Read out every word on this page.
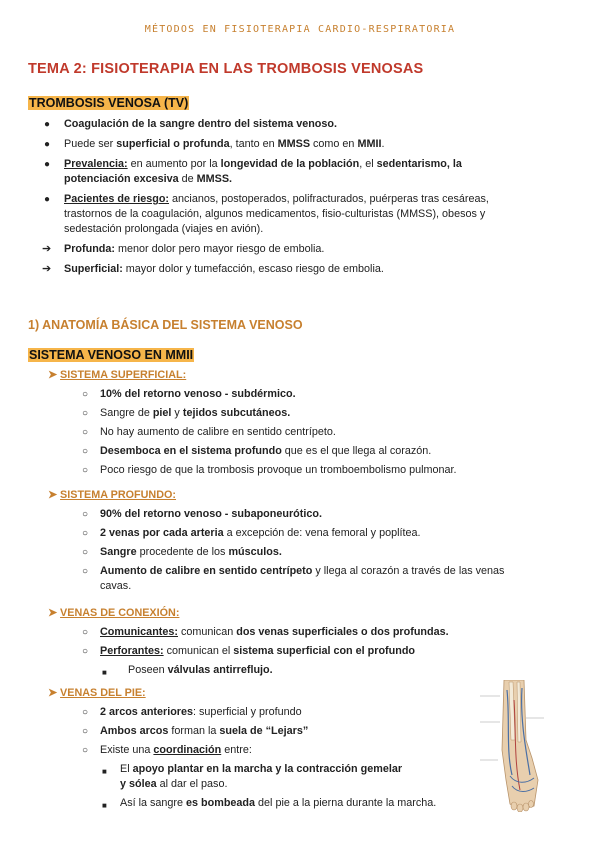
MÉTODOS EN FISIOTERAPIA CARDIO-RESPIRATORIA
TEMA 2: FISIOTERAPIA EN LAS TROMBOSIS VENOSAS
TROMBOSIS VENOSA (TV)
● Coagulación de la sangre dentro del sistema venoso.
● Puede ser superficial o profunda, tanto en MMSS como en MMII.
● Prevalencia: en aumento por la longevidad de la población, el sedentarismo, la
potenciación excesiva de MMSS.
● Pacientes de riesgo: ancianos, postoperados, polifracturados, puérperas tras cesáreas,
trastornos de la coagulación, algunos medicamentos, fisio-culturistas (MMSS), obesos y
sedestación prolongada (viajes en avión).
➔ Profunda: menor dolor pero mayor riesgo de embolia.
➔ Superficial: mayor dolor y tumefacción, escaso riesgo de embolia.
1) ANATOMÍA BÁSICA DEL SISTEMA VENOSO
SISTEMA VENOSO EN MMII
➤ SISTEMA SUPERFICIAL:
○ 10% del retorno venoso - subdérmico.
○ Sangre de piel y tejidos subcutáneos.
○ No hay aumento de calibre en sentido centrípeto.
○ Desemboca en el sistema profundo que es el que llega al corazón.
○ Poco riesgo de que la trombosis provoque un tromboembolismo pulmonar.
➤ SISTEMA PROFUNDO:
○ 90% del retorno venoso - subaponeurótico.
○ 2 venas por cada arteria a excepción de: vena femoral y poplítea.
○ Sangre procedente de los músculos.
○ Aumento de calibre en sentido centrípeto y llega al corazón a través de las venas
cavas.
➤ VENAS DE CONEXIÓN:
○ Comunicantes: comunican dos venas superficiales o dos profundas.
○ Perforantes: comunican el sistema superficial con el profundo
■ Poseen válvulas antirreflujo.
➤ VENAS DEL PIE:
○ 2 arcos anteriores: superficial y profundo
○ Ambos arcos forman la suela de “Lejars”
○ Existe una coordinación entre:
■ El apoyo plantar en la marcha y la contracción gemelar
y sólea al dar el paso.
■ Así la sangre es bombeada del pie a la pierna durante la marcha.
